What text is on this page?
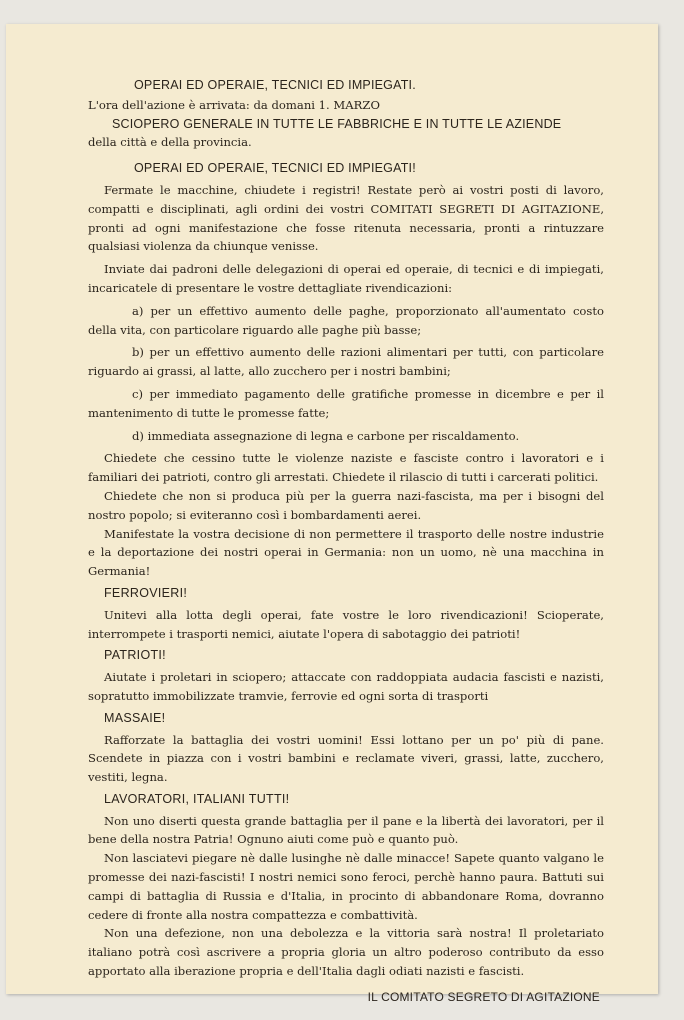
OPERAI ED OPERAIE, TECNICI ED IMPIEGATI.

L'ora dell'azione è arrivata: da domani 1. MARZO

SCIOPERO GENERALE IN TUTTE LE FABBRICHE E IN TUTTE LE AZIENDE

della città e della provincia.

OPERAI ED OPERAIE, TECNICI ED IMPIEGATI!

Fermate le macchine, chiudete i registri! Restate però ai vostri posti di lavoro, compatti e disciplinati, agli ordini dei vostri COMITATI SEGRETI DI AGITAZIONE, pronti ad ogni manifestazione che fosse ritenuta necessaria, pronti a rintuzzare qualsiasi violenza da chiunque venisse.

Inviate dai padroni delle delegazioni di operai ed operaie, di tecnici e di impiegati, incaricatele di presentare le vostre dettagliate rivendicazioni:

a) per un effettivo aumento delle paghe, proporzionato all'aumentato costo della vita, con particolare riguardo alle paghe più basse;

b) per un effettivo aumento delle razioni alimentari per tutti, con particolare riguardo ai grassi, al latte, allo zucchero per i nostri bambini;

c) per immediato pagamento delle gratifiche promesse in dicembre e per il mantenimento di tutte le promesse fatte;

d) immediata assegnazione di legna e carbone per riscaldamento.

Chiedete che cessino tutte le violenze naziste e fasciste contro i lavoratori e i familiari dei patrioti, contro gli arrestati. Chiedete il rilascio di tutti i carcerati politici.

Chiedete che non si produca più per la guerra nazi-fascista, ma per i bisogni del nostro popolo; si eviteranno così i bombardamenti aerei.

Manifestate la vostra decisione di non permettere il trasporto delle nostre industrie e la deportazione dei nostri operai in Germania: non un uomo, nè una macchina in Germania!

FERROVIERI!

Unitevi alla lotta degli operai, fate vostre le loro rivendicazioni! Scioperate, interrompete i trasporti nemici, aiutate l'opera di sabotaggio dei patrioti!

PATRIOTI!

Aiutate i proletari in sciopero; attaccate con raddoppiata audacia fascisti e nazisti, sopratutto immobilizzate tramvie, ferrovie ed ogni sorta di trasporti

MASSAIE!

Rafforzate la battaglia dei vostri uomini! Essi lottano per un po' più di pane. Scendete in piazza con i vostri bambini e reclamate viveri, grassi, latte, zucchero, vestiti, legna.

LAVORATORI, ITALIANI TUTTI!

Non uno diserti questa grande battaglia per il pane e la libertà dei lavoratori, per il bene della nostra Patria! Ognuno aiuti come può e quanto può.

Non lasciatevi piegare nè dalle lusinghe nè dalle minacce! Sapete quanto valgano le promesse dei nazi-fascisti! I nostri nemici sono feroci, perchè hanno paura. Battuti sui campi di battaglia di Russia e d'Italia, in procinto di abbandonare Roma, dovranno cedere di fronte alla nostra compattezza e combattività.

Non una defezione, non una debolezza e la vittoria sarà nostra! Il proletariato italiano potrà così ascrivere a propria gloria un altro poderoso contributo da esso apportato alla iberazione propria e dell'Italia dagli odiati nazisti e fascisti.

IL COMITATO SEGRETO DI AGITAZIONE
